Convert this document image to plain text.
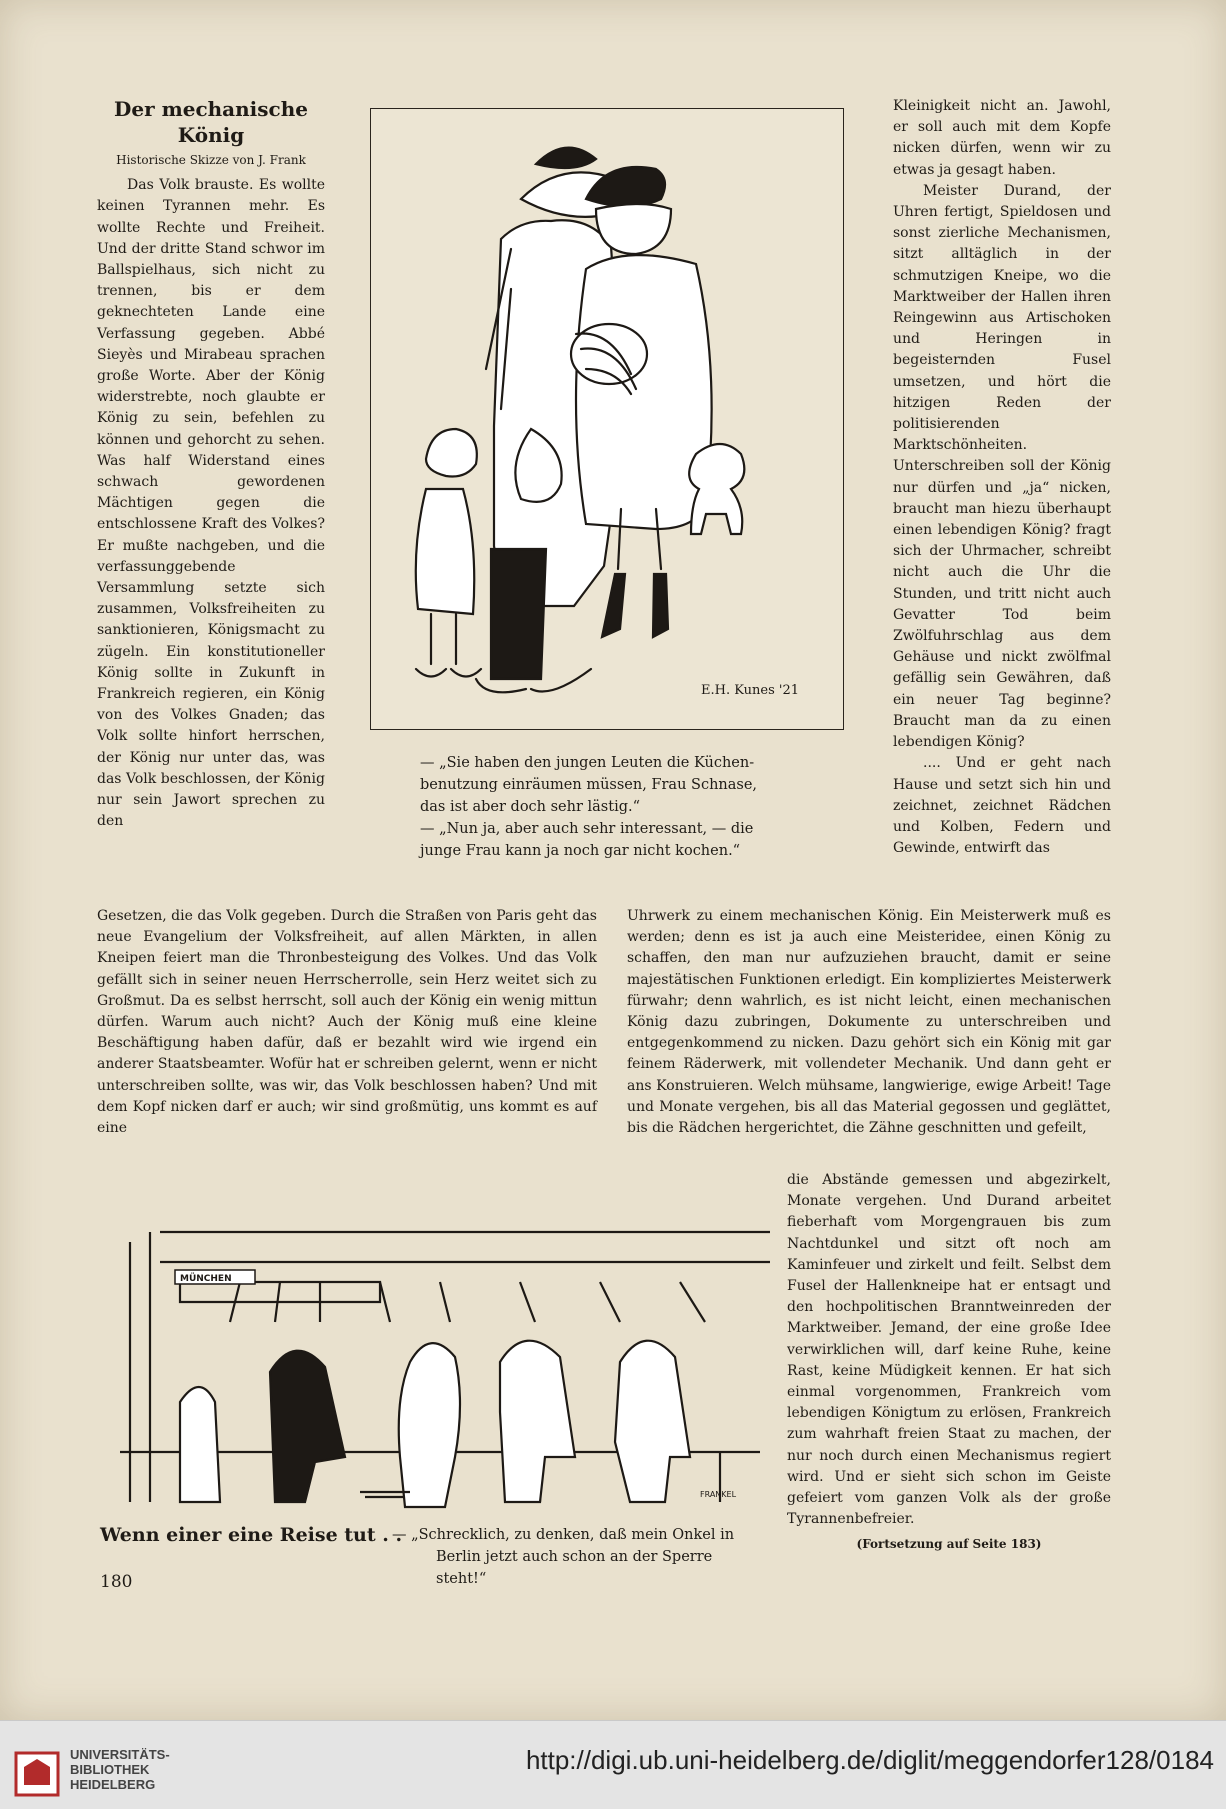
Der mechanische
König
Historische Skizze von J. Frank

Das Volk brauste. Es wollte keinen Tyrannen mehr. Es wollte Rechte und Freiheit. Und der dritte Stand schwor im Ballspielhaus, sich nicht zu trennen, bis er dem geknechteten Lande eine Verfassung gegeben. Abbé Sieyès und Mirabeau sprachen große Worte. Aber der König widerstrebte, noch glaubte er König zu sein, befehlen zu können und gehorcht zu sehen. Was half Widerstand eines schwach gewordenen Mächtigen gegen die entschlossene Kraft des Volkes? Er mußte nachgeben, und die verfassunggebende Versammlung setzte sich zusammen, Volksfreiheiten zu sanktionieren, Königsmacht zu zügeln. Ein konstitutioneller König sollte in Zukunft in Frankreich regieren, ein König von des Volkes Gnaden; das Volk sollte hinfort herrschen, der König nur unter das, was das Volk beschlossen, der König nur sein Jawort sprechen zu den

E.H. Kunes '21
— „Sie haben den jungen Leuten die Küchen-
benutzung einräumen müssen, Frau Schnase,
das ist aber doch sehr lästig.“
— „Nun ja, aber auch sehr interessant, — die
junge Frau kann ja noch gar nicht kochen.“

Kleinigkeit nicht an. Jawohl, er soll auch mit dem Kopfe nicken dürfen, wenn wir zu etwas ja gesagt haben.

Meister Durand, der Uhren fertigt, Spieldosen und sonst zierliche Mechanismen, sitzt alltäglich in der schmutzigen Kneipe, wo die Marktweiber der Hallen ihren Reingewinn aus Artischoken und Heringen in begeisternden Fusel umsetzen, und hört die hitzigen Reden der politisierenden Marktschönheiten. Unterschreiben soll der König nur dürfen und „ja“ nicken, braucht man hiezu überhaupt einen lebendigen König? fragt sich der Uhrmacher, schreibt nicht auch die Uhr die Stunden, und tritt nicht auch Gevatter Tod beim Zwölfuhrschlag aus dem Gehäuse und nickt zwölfmal gefällig sein Gewähren, daß ein neuer Tag beginne? Braucht man da zu einen lebendigen König?

.... Und er geht nach Hause und setzt sich hin und zeichnet, zeichnet Rädchen und Kolben, Federn und Gewinde, entwirft das

Gesetzen, die das Volk gegeben. Durch die Straßen von Paris geht das neue Evangelium der Volksfreiheit, auf allen Märkten, in allen Kneipen feiert man die Thronbesteigung des Volkes. Und das Volk gefällt sich in seiner neuen Herrscherrolle, sein Herz weitet sich zu Großmut. Da es selbst herrscht, soll auch der König ein wenig mittun dürfen. Warum auch nicht? Auch der König muß eine kleine Beschäftigung haben dafür, daß er bezahlt wird wie irgend ein anderer Staatsbeamter. Wofür hat er schreiben gelernt, wenn er nicht unterschreiben sollte, was wir, das Volk beschlossen haben? Und mit dem Kopf nicken darf er auch; wir sind großmütig, uns kommt es auf eine

Uhrwerk zu einem mechanischen König. Ein Meisterwerk muß es werden; denn es ist ja auch eine Meisteridee, einen König zu schaffen, den man nur aufzuziehen braucht, damit er seine majestätischen Funktionen erledigt. Ein kompliziertes Meisterwerk fürwahr; denn wahrlich, es ist nicht leicht, einen mechanischen König dazu zubringen, Dokumente zu unterschreiben und entgegenkommend zu nicken. Dazu gehört sich ein König mit gar feinem Räderwerk, mit vollendeter Mechanik. Und dann geht er ans Konstruieren. Welch mühsame, langwierige, ewige Arbeit! Tage und Monate vergehen, bis all das Material gegossen und geglättet, bis die Rädchen hergerichtet, die Zähne geschnitten und gefeilt,

MÜNCHEN
FRANKEL
Wenn einer eine Reise tut . .
— „Schrecklich, zu denken, daß mein Onkel in
Berlin jetzt auch schon an der Sperre steht!“

die Abstände gemessen und abgezirkelt, Monate vergehen. Und Durand arbeitet fieberhaft vom Morgengrauen bis zum Nachtdunkel und sitzt oft noch am Kaminfeuer und zirkelt und feilt. Selbst dem Fusel der Hallenkneipe hat er entsagt und den hochpolitischen Branntweinreden der Marktweiber. Jemand, der eine große Idee verwirklichen will, darf keine Ruhe, keine Rast, keine Müdigkeit kennen. Er hat sich einmal vorgenommen, Frankreich vom lebendigen Königtum zu erlösen, Frankreich zum wahrhaft freien Staat zu machen, der nur noch durch einen Mechanismus regiert wird. Und er sieht sich schon im Geiste gefeiert vom ganzen Volk als der große Tyrannenbefreier.

(Fortsetzung auf Seite 183)
180
UNIVERSITÄTS-
BIBLIOTHEK
HEIDELBERG
http://digi.ub.uni-heidelberg.de/diglit/meggendorfer128/0184
